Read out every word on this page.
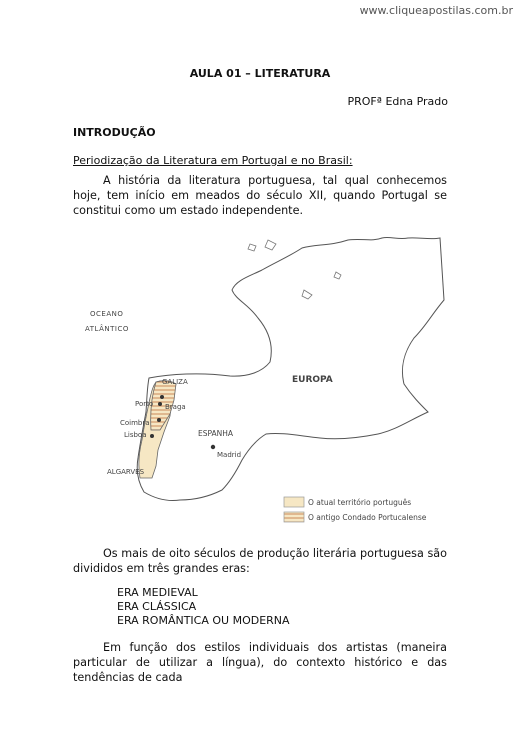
www.cliqueapostilas.com.br
AULA 01 – LITERATURA
PROFª Edna Prado
INTRODUÇÃO
Periodização da Literatura em Portugal e no Brasil:

A história da literatura portuguesa, tal qual conhecemos hoje, tem início em meados do século XII, quando Portugal se constitui como um estado independente.

OCEANO
ATLÂNTICO
EUROPA
GALIZA
Porto Braga
Coimbra
Lisboa	ESPANHA
Madrid
ALGARVES
O atual território português
O antigo Condado Portucalense

Os mais de oito séculos de produção literária portuguesa são divididos em três grandes eras:

ERA MEDIEVAL
ERA CLÁSSICA
ERA ROMÂNTICA OU MODERNA

Em função dos estilos individuais dos artistas (maneira particular de utilizar a língua), do contexto histórico e das tendências de cada
